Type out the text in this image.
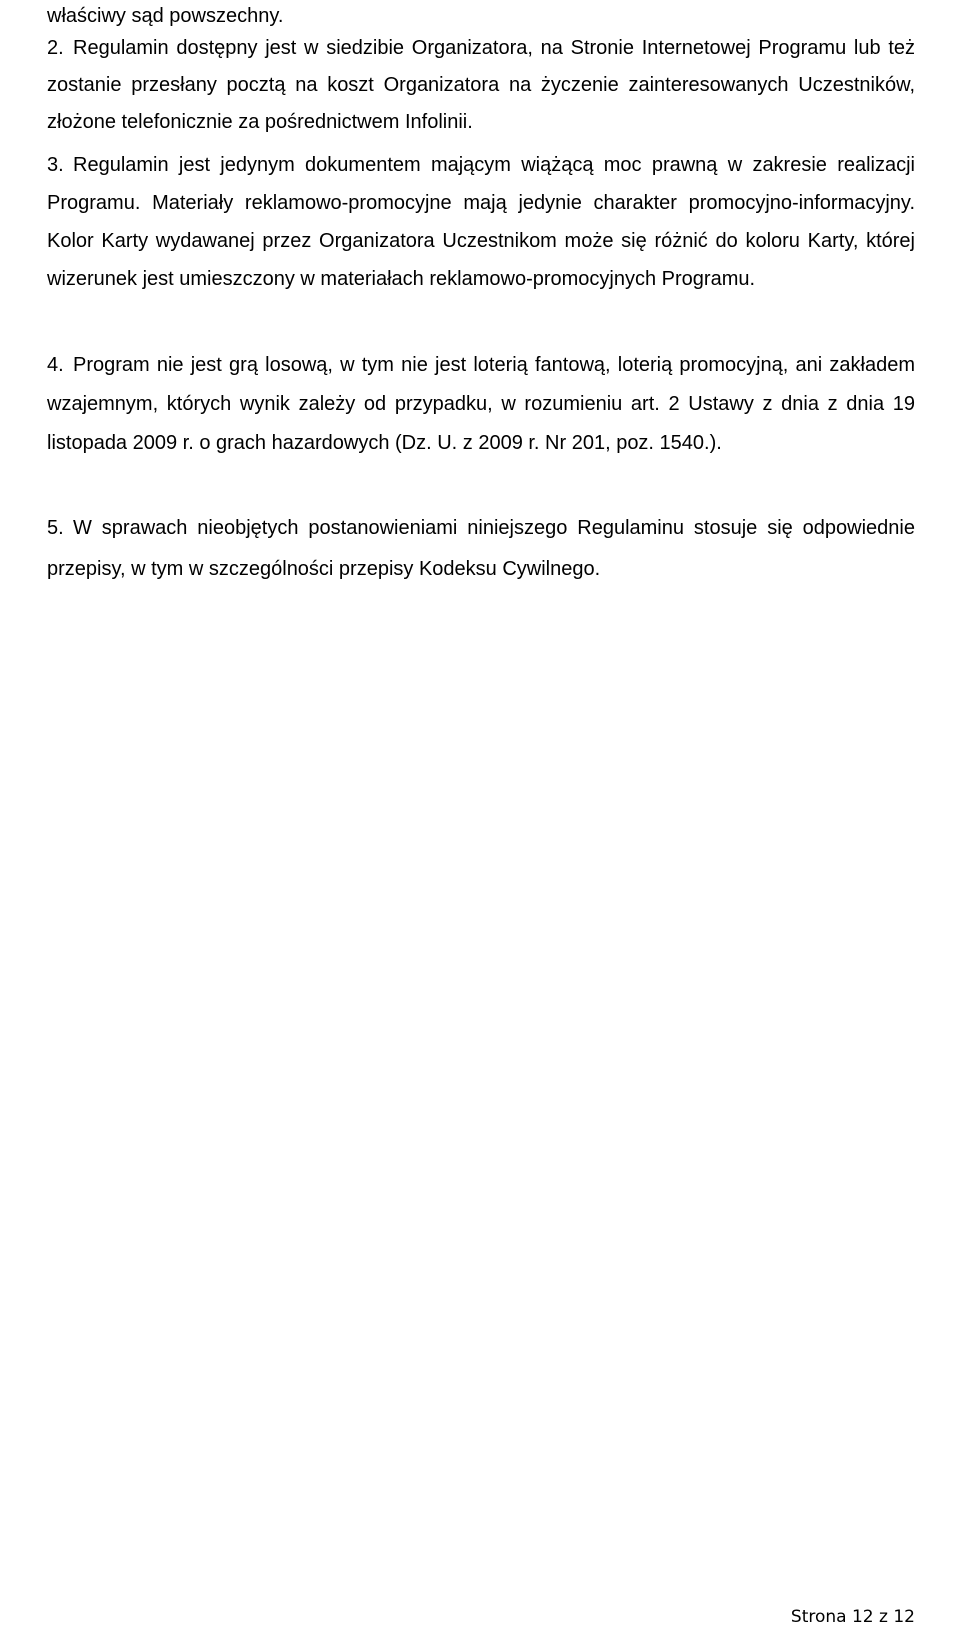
właściwy sąd powszechny.

2. Regulamin dostępny jest w siedzibie Organizatora, na Stronie Internetowej Programu lub też zostanie przesłany pocztą na koszt Organizatora na życzenie zainteresowanych Uczestników, złożone telefonicznie za pośrednictwem Infolinii.

3. Regulamin jest jedynym dokumentem mającym wiążącą moc prawną w zakresie realizacji Programu. Materiały reklamowo-promocyjne mają jedynie charakter promocyjno-informacyjny. Kolor Karty wydawanej przez Organizatora Uczestnikom może się różnić do koloru Karty, której wizerunek jest umieszczony w materiałach reklamowo-promocyjnych Programu.

4. Program nie jest grą losową, w tym nie jest loterią fantową, loterią promocyjną, ani zakładem wzajemnym, których wynik zależy od przypadku, w rozumieniu art. 2 Ustawy z dnia z dnia 19 listopada 2009 r. o grach hazardowych (Dz. U. z 2009 r. Nr 201, poz. 1540.).

5. W sprawach nieobjętych postanowieniami niniejszego Regulaminu stosuje się odpowiednie przepisy, w tym w szczególności przepisy Kodeksu Cywilnego.

Strona 12 z 12
